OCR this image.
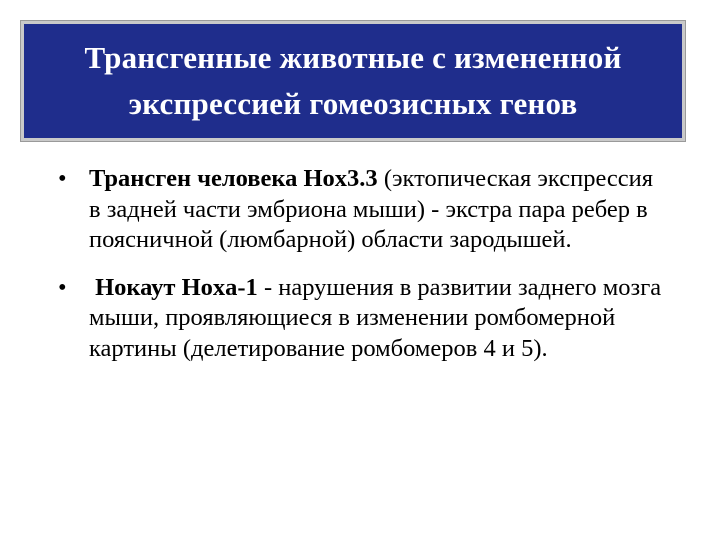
Трансгенные животные с измененной
экспрессией гомеозисных генов
• Трансген человека Hox3.3 (эктопическая экспрессия в задней части эмбриона мыши) - экстра пара ребер в поясничной (люмбарной) области зародышей.
• Нокаут Hoxa-1 - нарушения в развитии заднего мозга мыши, проявляющиеся в изменении ромбомерной картины (делетирование ромбомеров 4 и 5).
